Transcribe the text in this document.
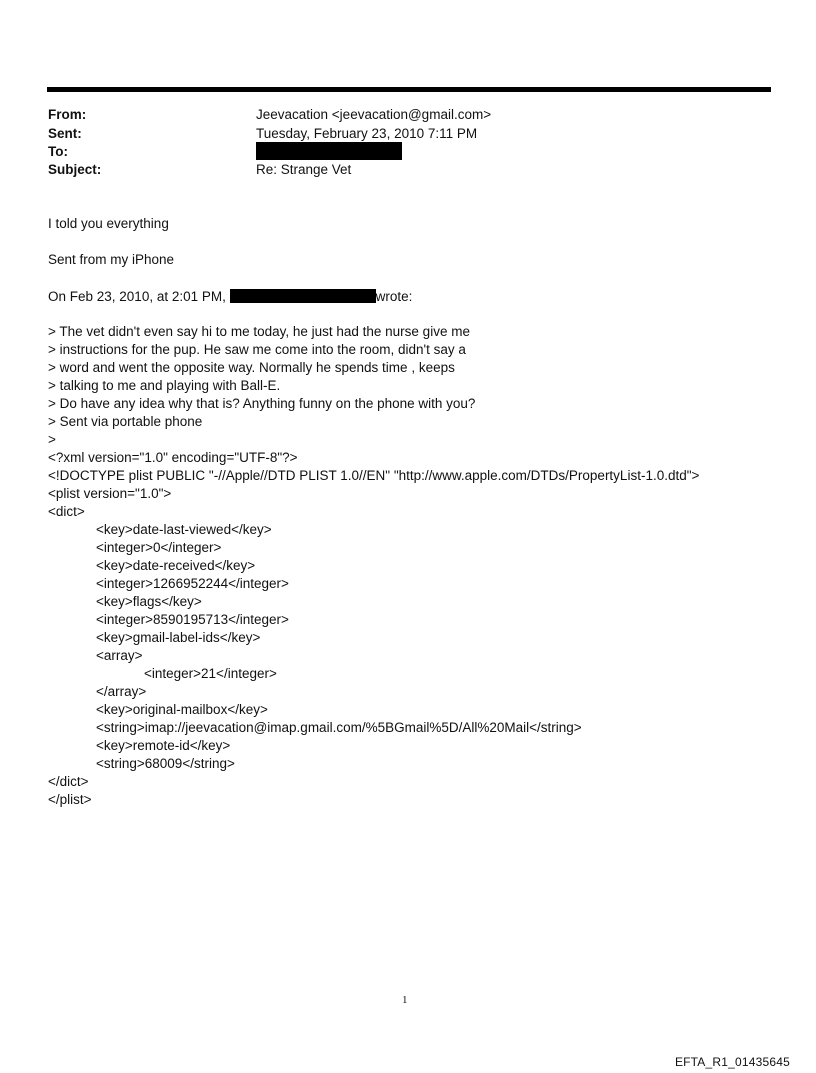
From:	Jeevacation <jeevacation@gmail.com>
Sent:	Tuesday, February 23, 2010 7:11 PM
To:
Subject:	Re: Strange Vet
I told you everything
Sent from my iPhone
On Feb 23, 2010, at 2:01 PM,	wrote:
> The vet didn't even say hi to me today, he just had the nurse give me
> instructions for the pup. He saw me come into the room, didn't say a
> word and went the opposite way. Normally he spends time , keeps
> talking to me and playing with Ball-E.
> Do have any idea why that is? Anything funny on the phone with you?
> Sent via portable phone
>
<?xml version="1.0" encoding="UTF-8"?>
<!DOCTYPE plist PUBLIC "-//Apple//DTD PLIST 1.0//EN" "http://www.apple.com/DTDs/PropertyList-1.0.dtd">
<plist version="1.0">
<dict>
<key>date-last-viewed</key>
<integer>0</integer>
<key>date-received</key>
<integer>1266952244</integer>
<key>flags</key>
<integer>8590195713</integer>
<key>gmail-label-ids</key>
<array>
<integer>21</integer>
</array>
<key>original-mailbox</key>
<string>imap://jeevacation@imap.gmail.com/%5BGmail%5D/All%20Mail</string>
<key>remote-id</key>
<string>68009</string>
</dict>
</plist>
1
EFTA_R1_01435645
